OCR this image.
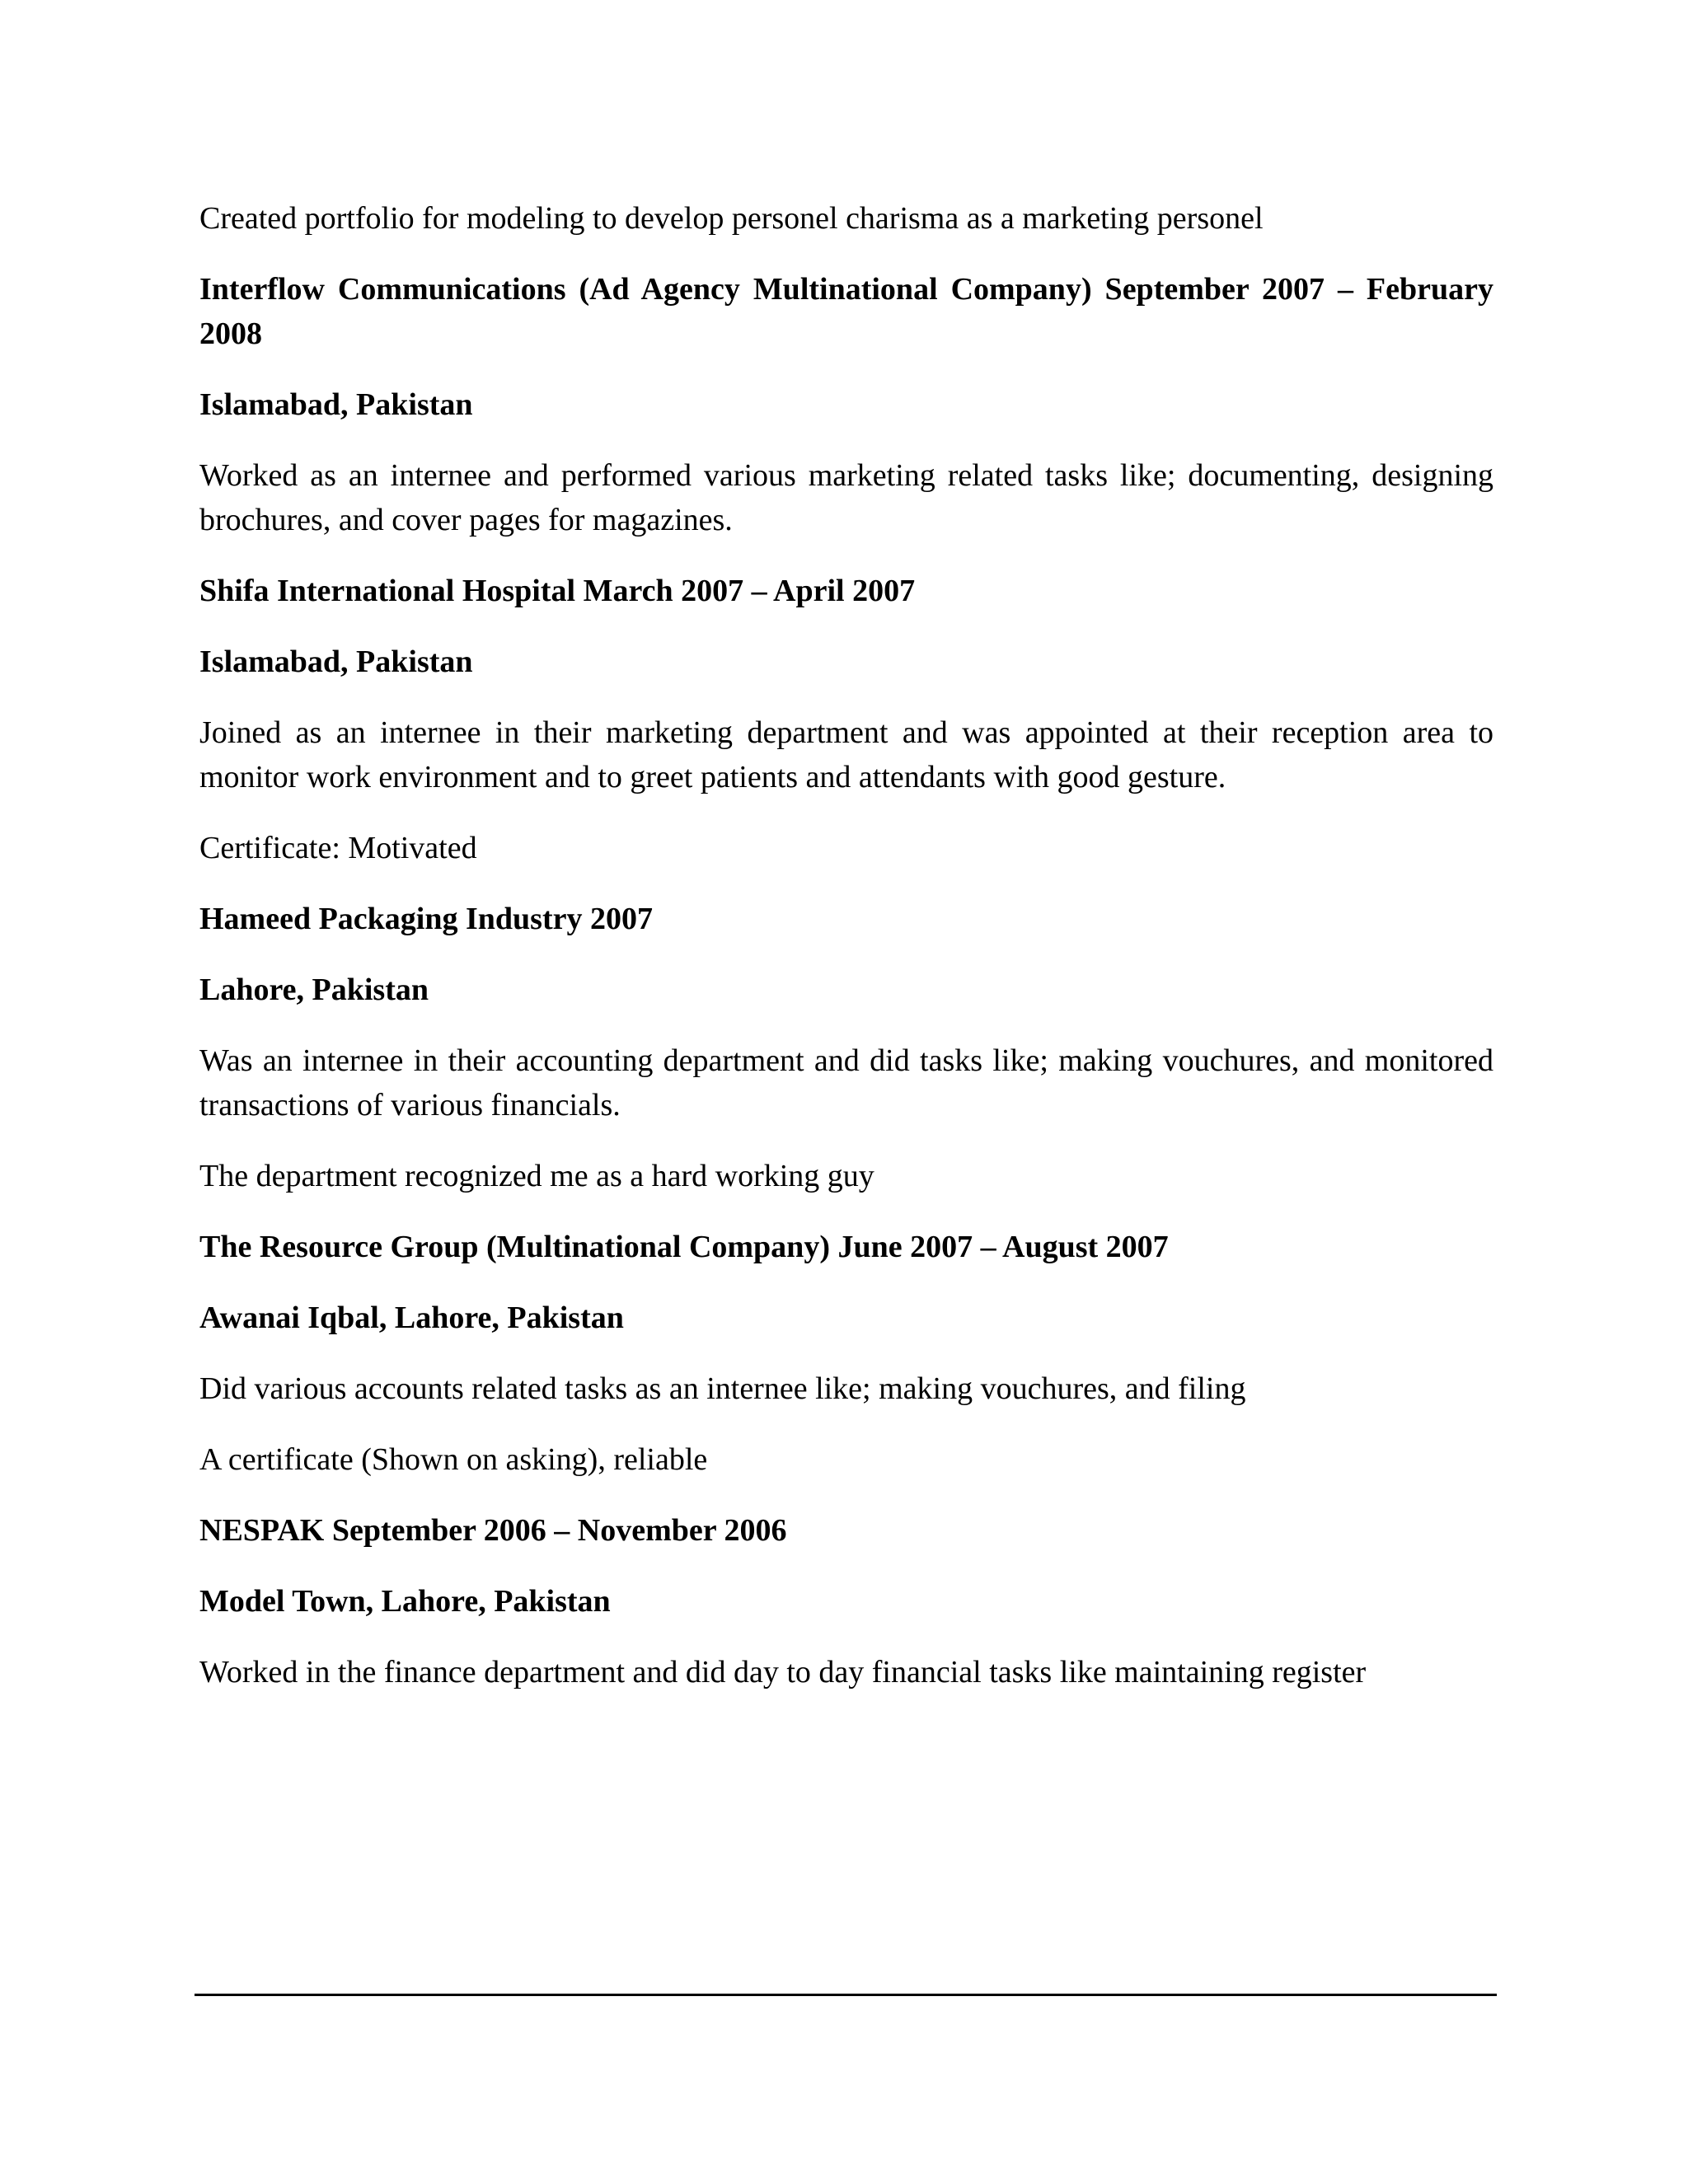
Created portfolio for modeling to develop personel charisma as a marketing personel

Interflow Communications (Ad Agency Multinational Company) September 2007 – February 2008

Islamabad, Pakistan

Worked as an internee and performed various marketing related tasks like; documenting, designing brochures, and cover pages for magazines.

Shifa International Hospital March 2007 – April 2007

Islamabad, Pakistan

Joined as an internee in their marketing department and was appointed at their reception area to monitor work environment and to greet patients and attendants with good gesture.

Certificate: Motivated

Hameed Packaging Industry 2007

Lahore, Pakistan

Was an internee in their accounting department and did tasks like; making vouchures, and monitored transactions of various financials.

The department recognized me as a hard working guy

The Resource Group (Multinational Company) June 2007 – August 2007

Awanai Iqbal, Lahore, Pakistan

Did various accounts related tasks as an internee like; making vouchures, and filing

A certificate (Shown on asking), reliable

NESPAK September 2006 – November 2006

Model Town, Lahore, Pakistan

Worked in the finance department and did day to day financial tasks like maintaining register
